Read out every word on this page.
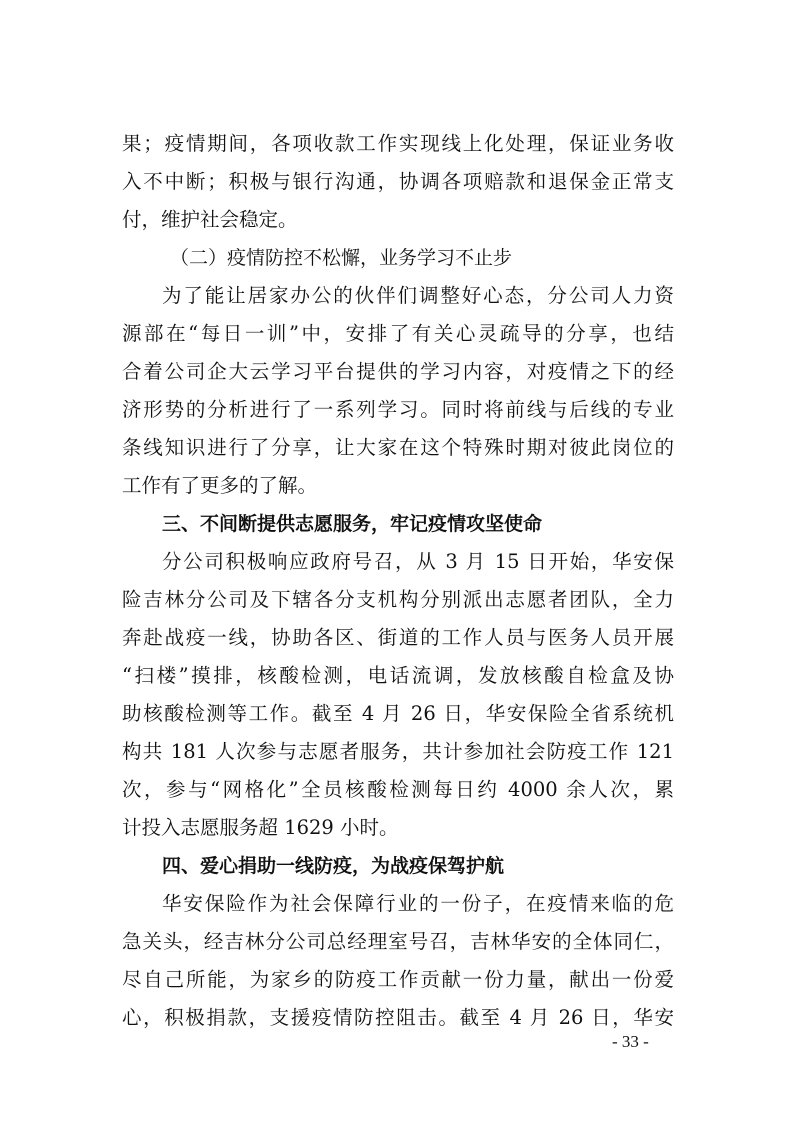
果；疫情期间，各项收款工作实现线上化处理，保证业务收
入不中断；积极与银行沟通，协调各项赔款和退保金正常支
付，维护社会稳定。
（二）疫情防控不松懈，业务学习不止步
为了能让居家办公的伙伴们调整好心态，分公司人力资
源部在“每日一训”中，安排了有关心灵疏导的分享，也结
合着公司企大云学习平台提供的学习内容，对疫情之下的经
济形势的分析进行了一系列学习。同时将前线与后线的专业
条线知识进行了分享，让大家在这个特殊时期对彼此岗位的
工作有了更多的了解。
三、不间断提供志愿服务，牢记疫情攻坚使命
分公司积极响应政府号召，从 3 月 15 日开始，华安保
险吉林分公司及下辖各分支机构分别派出志愿者团队，全力
奔赴战疫一线，协助各区、街道的工作人员与医务人员开展
“扫楼”摸排，核酸检测，电话流调，发放核酸自检盒及协
助核酸检测等工作。截至 4 月 26 日，华安保险全省系统机
构共 181 人次参与志愿者服务，共计参加社会防疫工作 121
次，参与“网格化”全员核酸检测每日约 4000 余人次，累
计投入志愿服务超 1629 小时。
四、爱心捐助一线防疫，为战疫保驾护航
华安保险作为社会保障行业的一份子，在疫情来临的危
急关头，经吉林分公司总经理室号召，吉林华安的全体同仁，
尽自己所能，为家乡的防疫工作贡献一份力量，献出一份爱
心，积极捐款，支援疫情防控阻击。截至 4 月 26 日，华安
- 33 -
